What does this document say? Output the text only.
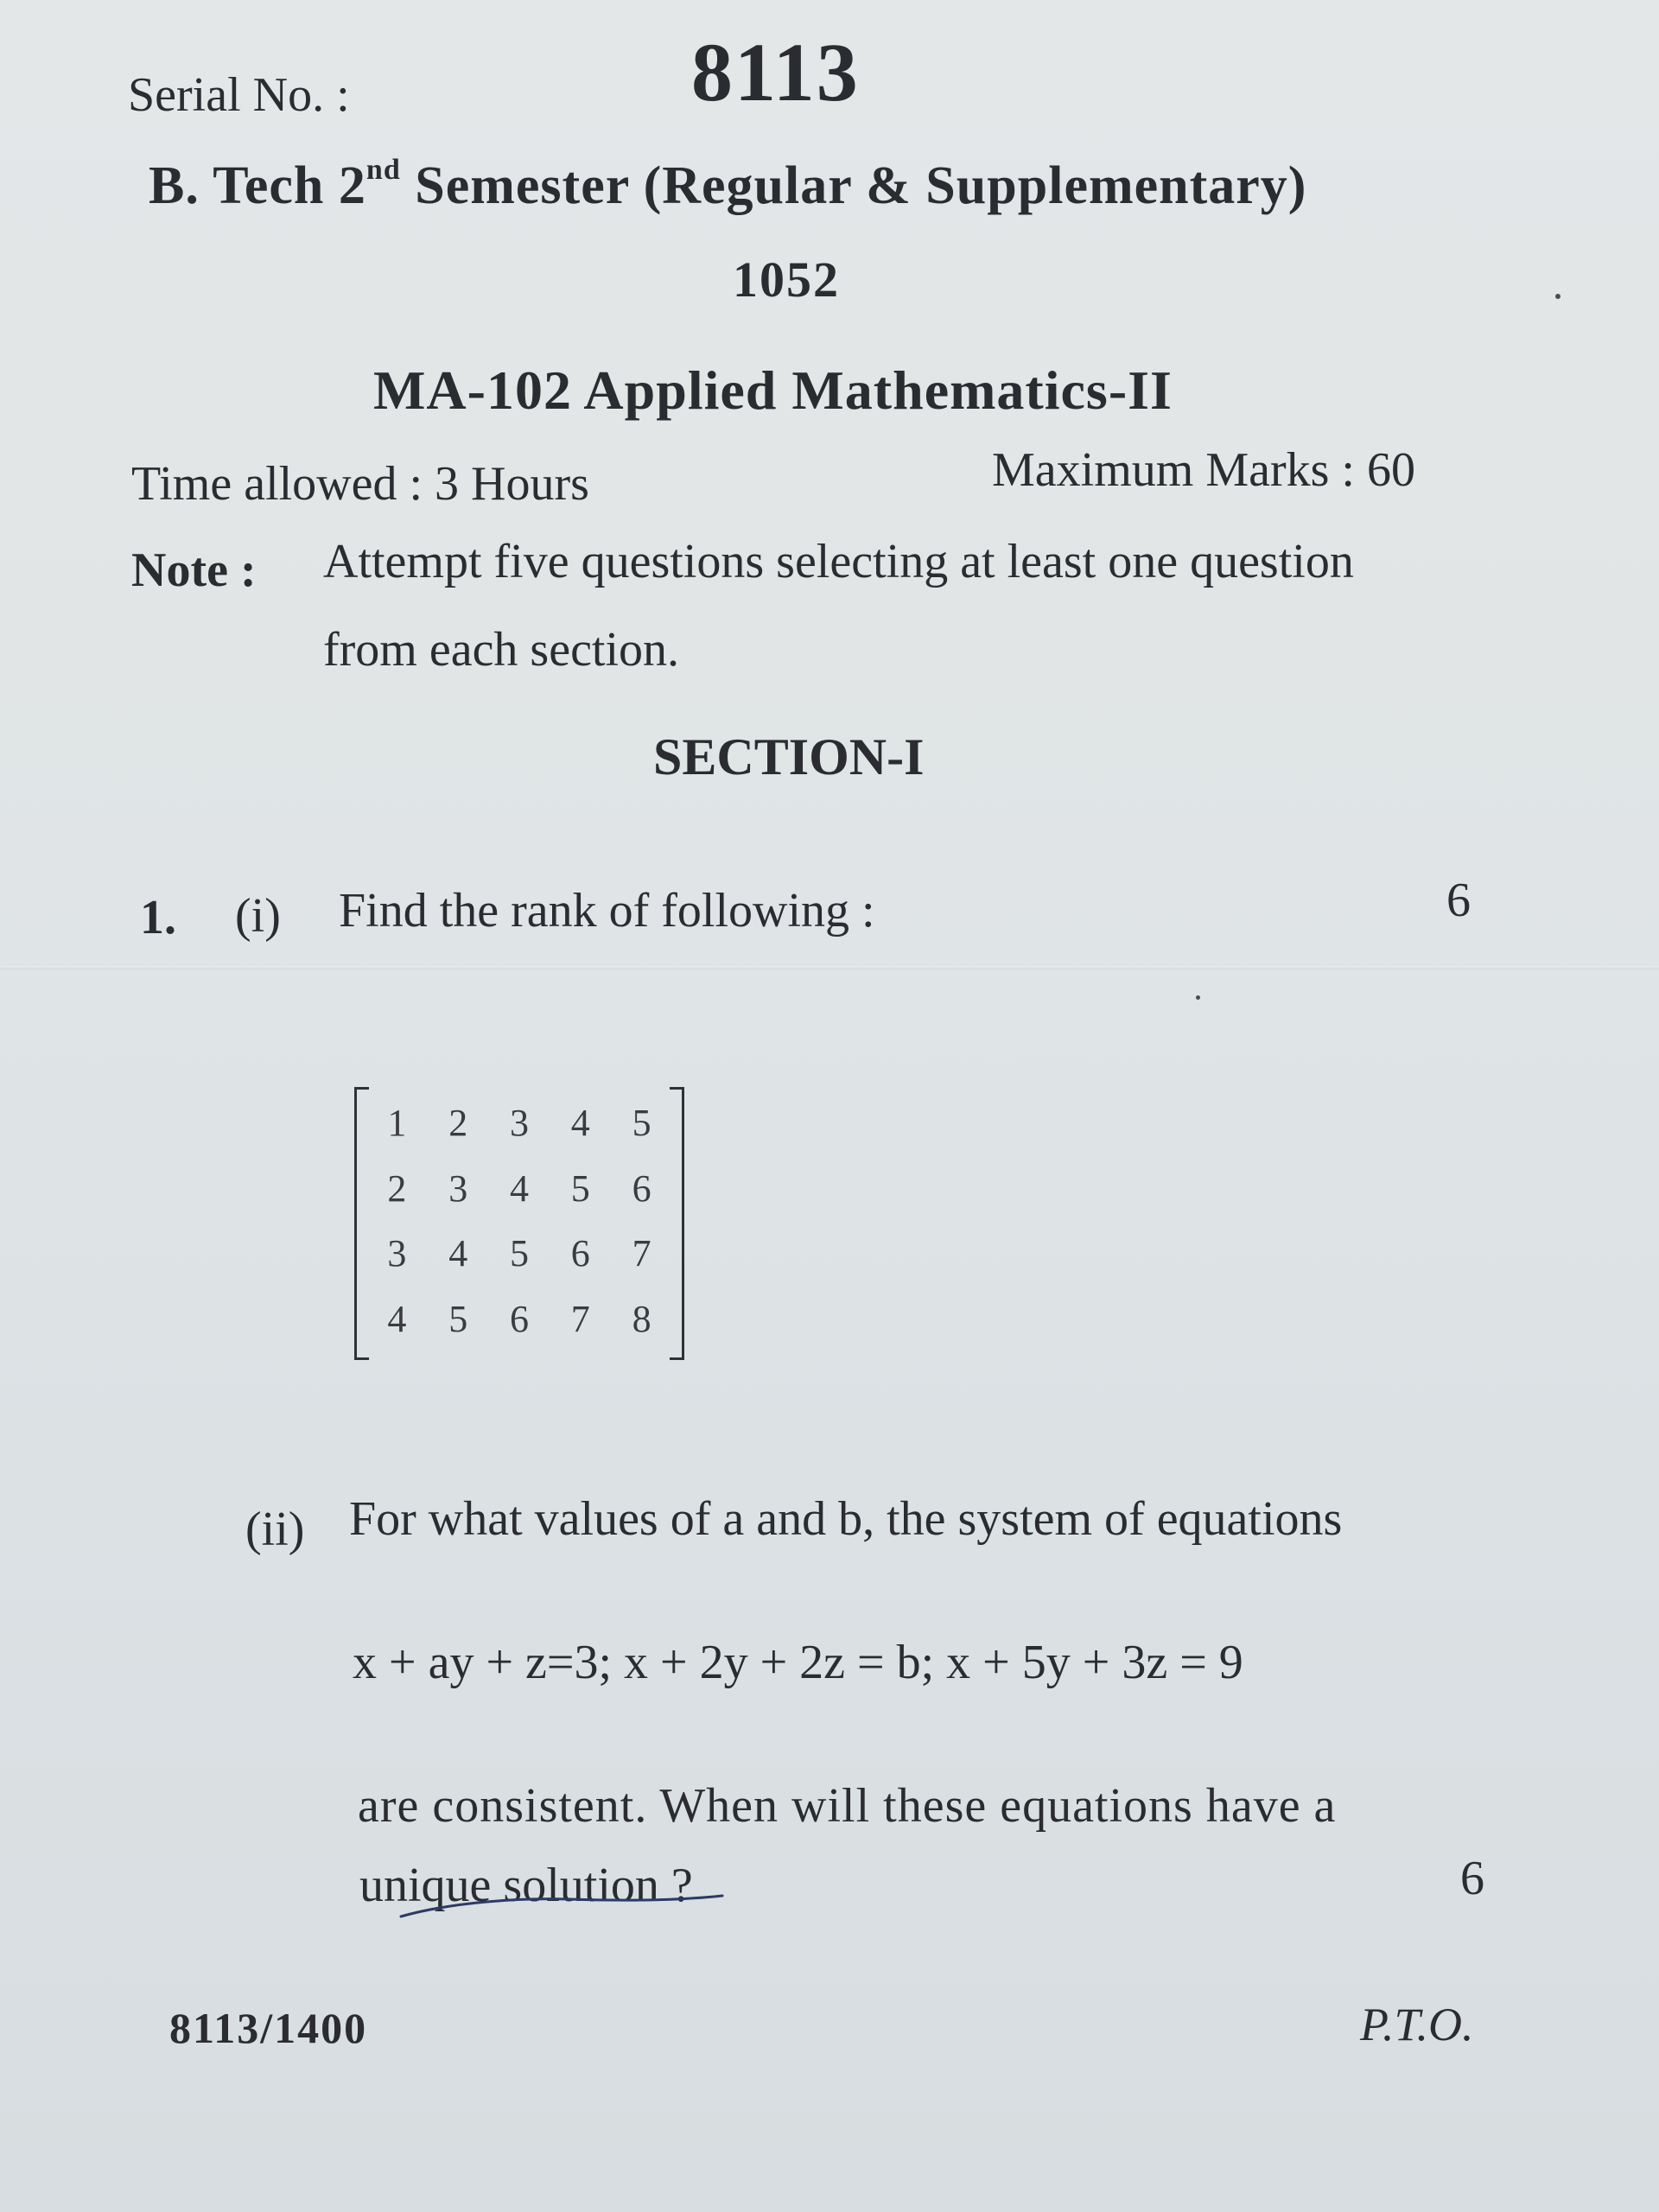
Serial No. :	8113
B. Tech 2nd Semester (Regular & Supplementary)
1052
MA-102 Applied Mathematics-II
Time allowed : 3 Hours	Maximum Marks : 60
Note : Attempt five questions selecting at least one question
from each section.
SECTION-I
1. (i) Find the rank of following :	6
1	2	3	4	5
2	3	4	5	6
3	4	5	6	7
4	5	6	7	8
(ii) For what values of a and b, the system of equations
x + ay + z=3; x + 2y + 2z = b; x + 5y + 3z = 9
are consistent. When will these equations have a
unique solution ?	6
8113/1400	P.T.O.
